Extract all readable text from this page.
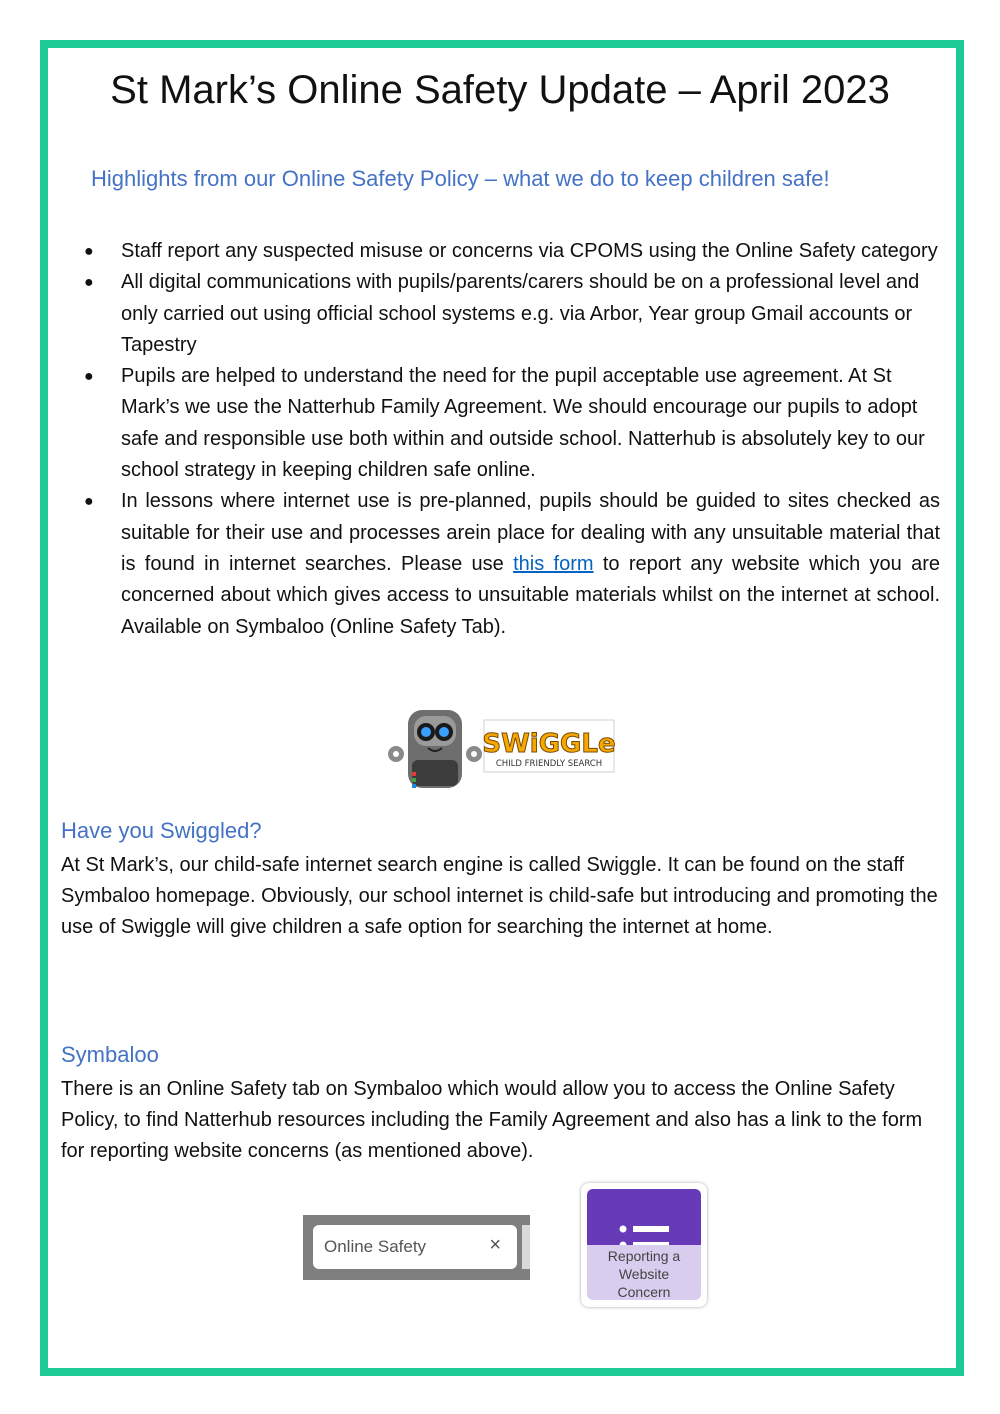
St Mark’s Online Safety Update – April 2023
Highlights from our Online Safety Policy – what we do to keep children safe!
●	Staff report any suspected misuse or concerns via CPOMS using the Online Safety category
●	All digital communications with pupils/parents/carers should be on a professional level and only carried out using official school systems e.g. via Arbor, Year group Gmail accounts or Tapestry
●	Pupils are helped to understand the need for the pupil acceptable use agreement. At St Mark’s we use the Natterhub Family Agreement. We should encourage our pupils to adopt safe and responsible use both within and outside school. Natterhub is absolutely key to our school strategy in keeping children safe online.
●	In lessons where internet use is pre-planned, pupils should be guided to sites checked as suitable for their use and processes arein place for dealing with any unsuitable material that is found in internet searches. Please use this form to report any website which you are concerned about which gives access to unsuitable materials whilst on the internet at school. Available on Symbaloo (Online Safety Tab).
SWiGGLe
CHILD FRIENDLY SEARCH
Have you Swiggled?

At St Mark’s, our child-safe internet search engine is called Swiggle. It can be found on the staff Symbaloo homepage. Obviously, our school internet is child-safe but introducing and promoting the use of Swiggle will give children a safe option for searching the internet at home.

Symbaloo

There is an Online Safety tab on Symbaloo which would allow you to access the Online Safety Policy, to find Natterhub resources including the Family Agreement and also has a link to the form for reporting website concerns (as mentioned above).

Online Safety	×	Reporting a
Website
Concern
